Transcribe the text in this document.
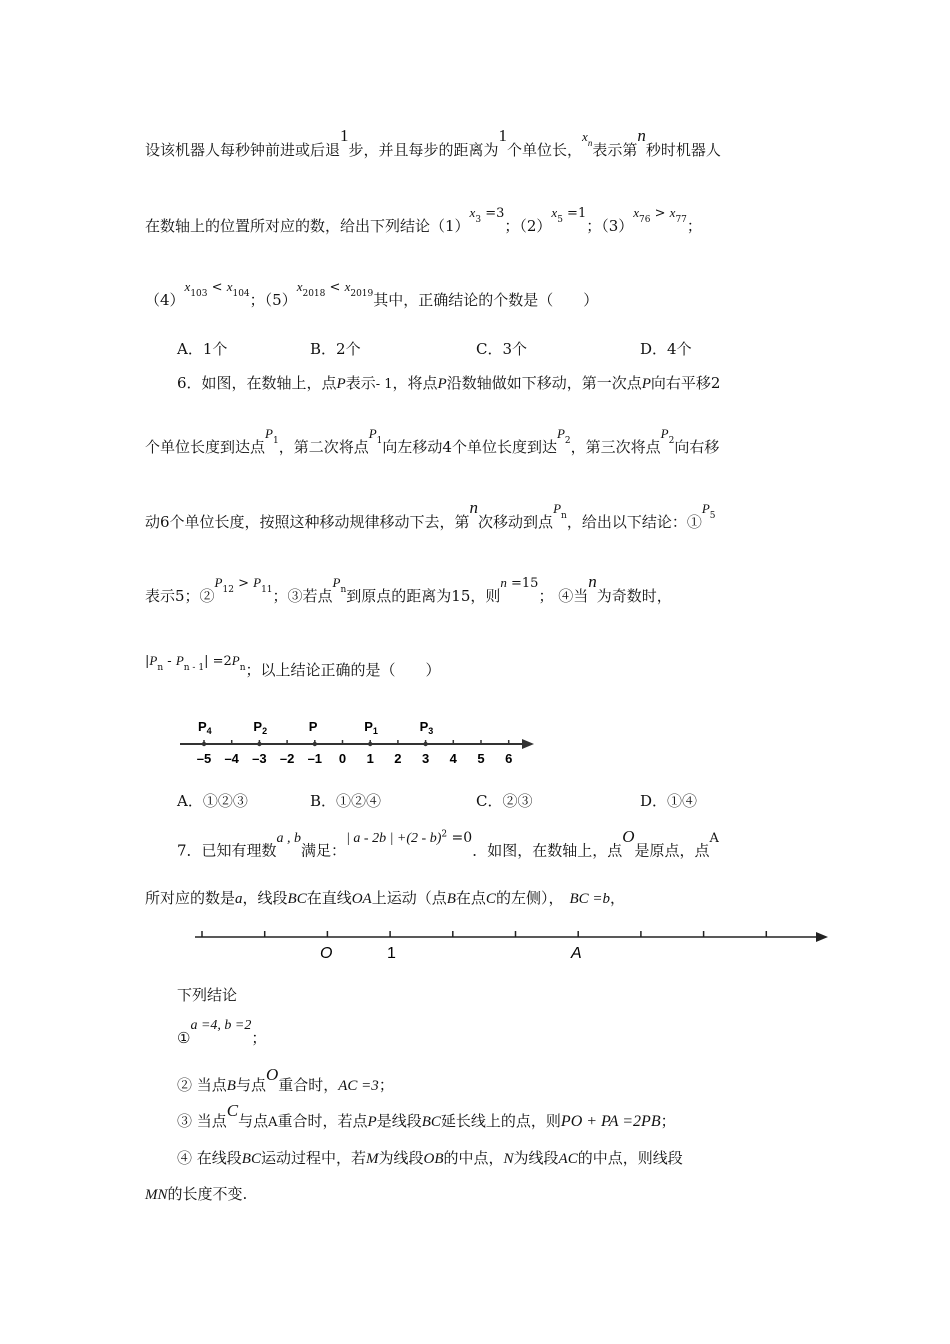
设该机器人每秒钟前进或后退1步，并且每步的距离为1个单位长，$x_n$表示第n秒时机器人
在数轴上的位置所对应的数，给出下列结论$(1)x_3 =3$；$(2)x_5 =1$；$(3)x_{76} > x_{77}$；
$(4)x_{103} < x_{104}$；$(5)x_{2018} < x_{2019}$其中，正确结论的个数是（　　）
A．1个	B．2个	C．3个	D．4个
6．如图，在数轴上，点P表示- 1，将点P沿数轴做如下移动，第一次点P向右平移2
个单位长度到达点$P_1$，第二次将点$P_1$向左移动4个单位长度到达$P_2$，第三次将点$P_2$向右移
动6个单位长度，按照这种移动规律移动下去，第n次移动到点$P_n$，给出以下结论：$①P_5$
表示5；$②P_{12} > P_{11}$；③若点$P_n$到原点的距离为15，则n =15； ④当n为奇数时，
$|P_n - P_{n - 1}| =2P_n$；以上结论正确的是（　　）
–5 –4 –3 –2 –1 0 1 2 3 4 5 6
$P_4$	$P_2$	P	$P_1$	$P_3$
A．①②③	B．①②④	C．②③	D．①④
7．已知有理数a , b满足：| a - 2b | +(2 - b)$^2$ =0．如图，在数轴上，点O是原点，点A
所对应的数是a，线段BC在直线OA上运动（点B在点C的左侧）， BC =b，
O	1	A
下列结论
①a =4, b =2；
② 当点B与点O重合时，AC =3；
③ 当点C与点A重合时，若点P是线段BC延长线上的点，则PO + PA =2PB；
④ 在线段BC运动过程中，若M为线段OB的中点，N为线段AC的中点，则线段
MN的长度不变.
